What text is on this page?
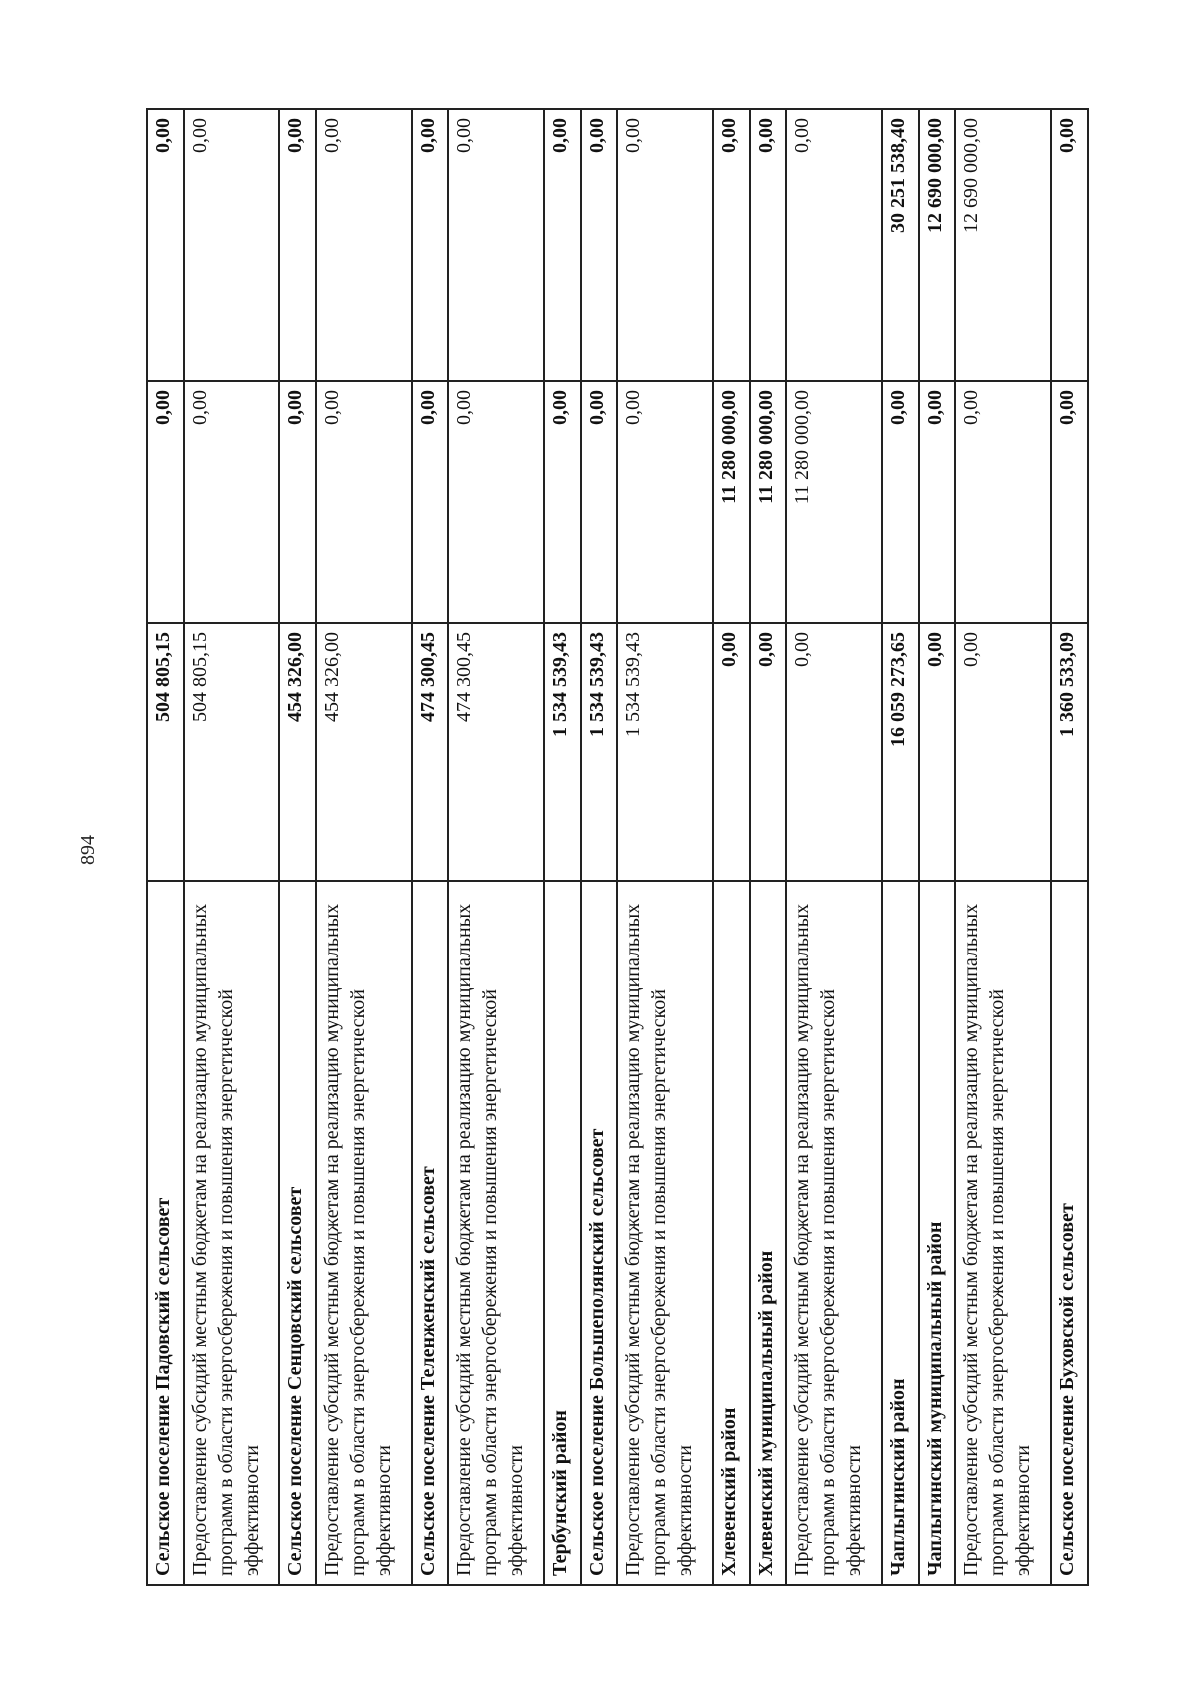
894
Сельское поселение Падовский сельсовет	504 805,15	0,00	0,00
Предоставление субсидий местным бюджетам на реализацию муниципальных программ в области энергосбережения и повышения энергетической эффективности	504 805,15	0,00	0,00
Сельское поселение Сенцовский сельсовет	454 326,00	0,00	0,00
Предоставление субсидий местным бюджетам на реализацию муниципальных программ в области энергосбережения и повышения энергетической эффективности	454 326,00	0,00	0,00
Сельское поселение Теленженский сельсовет	474 300,45	0,00	0,00
Предоставление субсидий местным бюджетам на реализацию муниципальных программ в области энергосбережения и повышения энергетической эффективности	474 300,45	0,00	0,00
Тербунский район	1 534 539,43	0,00	0,00
Сельское поселение Большеполянский сельсовет	1 534 539,43	0,00	0,00
Предоставление субсидий местным бюджетам на реализацию муниципальных программ в области энергосбережения и повышения энергетической эффективности	1 534 539,43	0,00	0,00
Хлевенский район	0,00	11 280 000,00	0,00
Хлевенский муниципальный район	0,00	11 280 000,00	0,00
Предоставление субсидий местным бюджетам на реализацию муниципальных программ в области энергосбережения и повышения энергетической эффективности	0,00	11 280 000,00	0,00
Чаплыгинский район	16 059 273,65	0,00	30 251 538,40
Чаплыгинский муниципальный район	0,00	0,00	12 690 000,00
Предоставление субсидий местным бюджетам на реализацию муниципальных программ в области энергосбережения и повышения энергетической эффективности	0,00	0,00	12 690 000,00
Сельское поселение Буховской сельсовет	1 360 533,09	0,00	0,00
